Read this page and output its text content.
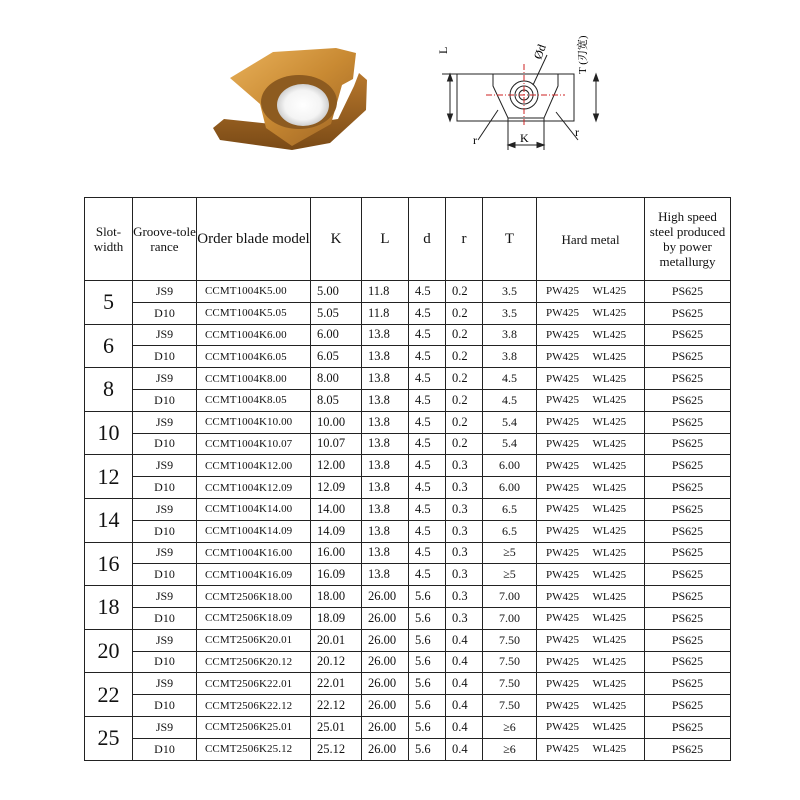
L	Ød	T (刃宽)
K
r
r
Slot-width	Groove-tolerance	Order blade model	K	L	d	r	T	Hard metal		High speed steel produced by power metallurgy
5	JS9	CCMT1004K5.00	5.00	11.8	4.5	0.2	3.5	PW425	WL425	PS625
	D10	CCMT1004K5.05	5.05	11.8	4.5	0.2	3.5	PW425	WL425	PS625
6	JS9	CCMT1004K6.00	6.00	13.8	4.5	0.2	3.8	PW425	WL425	PS625
	D10	CCMT1004K6.05	6.05	13.8	4.5	0.2	3.8	PW425	WL425	PS625
8	JS9	CCMT1004K8.00	8.00	13.8	4.5	0.2	4.5	PW425	WL425	PS625
	D10	CCMT1004K8.05	8.05	13.8	4.5	0.2	4.5	PW425	WL425	PS625
10	JS9	CCMT1004K10.00	10.00	13.8	4.5	0.2	5.4	PW425	WL425	PS625
	D10	CCMT1004K10.07	10.07	13.8	4.5	0.2	5.4	PW425	WL425	PS625
12	JS9	CCMT1004K12.00	12.00	13.8	4.5	0.3	6.00	PW425	WL425	PS625
	D10	CCMT1004K12.09	12.09	13.8	4.5	0.3	6.00	PW425	WL425	PS625
14	JS9	CCMT1004K14.00	14.00	13.8	4.5	0.3	6.5	PW425	WL425	PS625
	D10	CCMT1004K14.09	14.09	13.8	4.5	0.3	6.5	PW425	WL425	PS625
16	JS9	CCMT1004K16.00	16.00	13.8	4.5	0.3	≥5	PW425	WL425	PS625
	D10	CCMT1004K16.09	16.09	13.8	4.5	0.3	≥5	PW425	WL425	PS625
18	JS9	CCMT2506K18.00	18.00	26.00	5.6	0.3	7.00	PW425	WL425	PS625
	D10	CCMT2506K18.09	18.09	26.00	5.6	0.3	7.00	PW425	WL425	PS625
20	JS9	CCMT2506K20.01	20.01	26.00	5.6	0.4	7.50	PW425	WL425	PS625
	D10	CCMT2506K20.12	20.12	26.00	5.6	0.4	7.50	PW425	WL425	PS625
22	JS9	CCMT2506K22.01	22.01	26.00	5.6	0.4	7.50	PW425	WL425	PS625
	D10	CCMT2506K22.12	22.12	26.00	5.6	0.4	7.50	PW425	WL425	PS625
25	JS9	CCMT2506K25.01	25.01	26.00	5.6	0.4	≥6	PW425	WL425	PS625
	D10	CCMT2506K25.12	25.12	26.00	5.6	0.4	≥6	PW425	WL425	PS625
